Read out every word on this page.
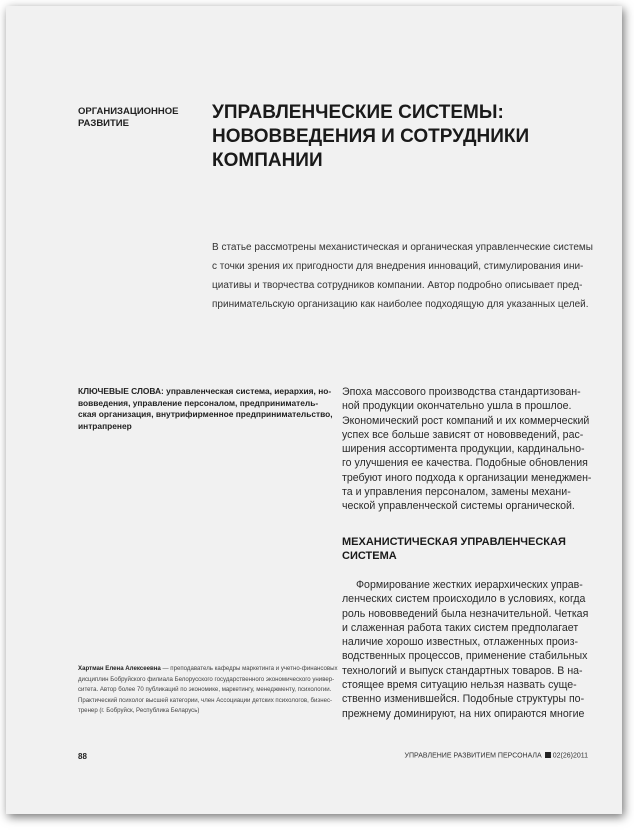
ОРГАНИЗАЦИОННОЕ
РАЗВИТИЕ
УПРАВЛЕНЧЕСКИЕ СИСТЕМЫ:
НОВОВВЕДЕНИЯ И СОТРУДНИКИ КОМПАНИИ
В статье рассмотрены механистическая и органическая управленческие системы
с точки зрения их пригодности для внедрения инноваций, стимулирования ини-
циативы и творчества сотрудников компании. Автор подробно описывает пред-
принимательскую организацию как наиболее подходящую для указанных целей.
КЛЮЧЕВЫЕ СЛОВА: управленческая система, иерархия, но-
вовведения, управление персоналом, предприниматель-
ская организация, внутрифирменное предпринимательство,
интрапренер
Эпоха массового производства стандартизован-
ной продукции окончательно ушла в прошлое.
Экономический рост компаний и их коммерческий
успех все больше зависят от нововведений, рас-
ширения ассортимента продукции, кардинально-
го улучшения ее качества. Подобные обновления
требуют иного подхода к организации менеджмен-
та и управления персоналом, замены механи-
ческой управленческой системы органической.
МЕХАНИСТИЧЕСКАЯ УПРАВЛЕНЧЕСКАЯ
СИСТЕМА
Формирование жестких иерархических управ-
ленческих систем происходило в условиях, когда
роль нововведений была незначительной. Четкая
и слаженная работа таких систем предполагает
наличие хорошо известных, отлаженных произ-
водственных процессов, применение стабильных
технологий и выпуск стандартных товаров. В на-
стоящее время ситуацию нельзя назвать суще-
ственно изменившейся. Подобные структуры по-
прежнему доминируют, на них опираются многие
Хартман Елена Алексеевна — преподаватель кафедры маркетинга и учетно-финансовых
дисциплин Бобруйского филиала Белорусского государственного экономического универ-
ситета. Автор более 70 публикаций по экономике, маркетингу, менеджменту, психологии.
Практический психолог высшей категории, член Ассоциации детских психологов, бизнес-
тренер (г. Бобруйск, Республика Беларусь)
88	УПРАВЛЕНИЕ РАЗВИТИЕМ ПЕРСОНАЛА 02(26)2011
